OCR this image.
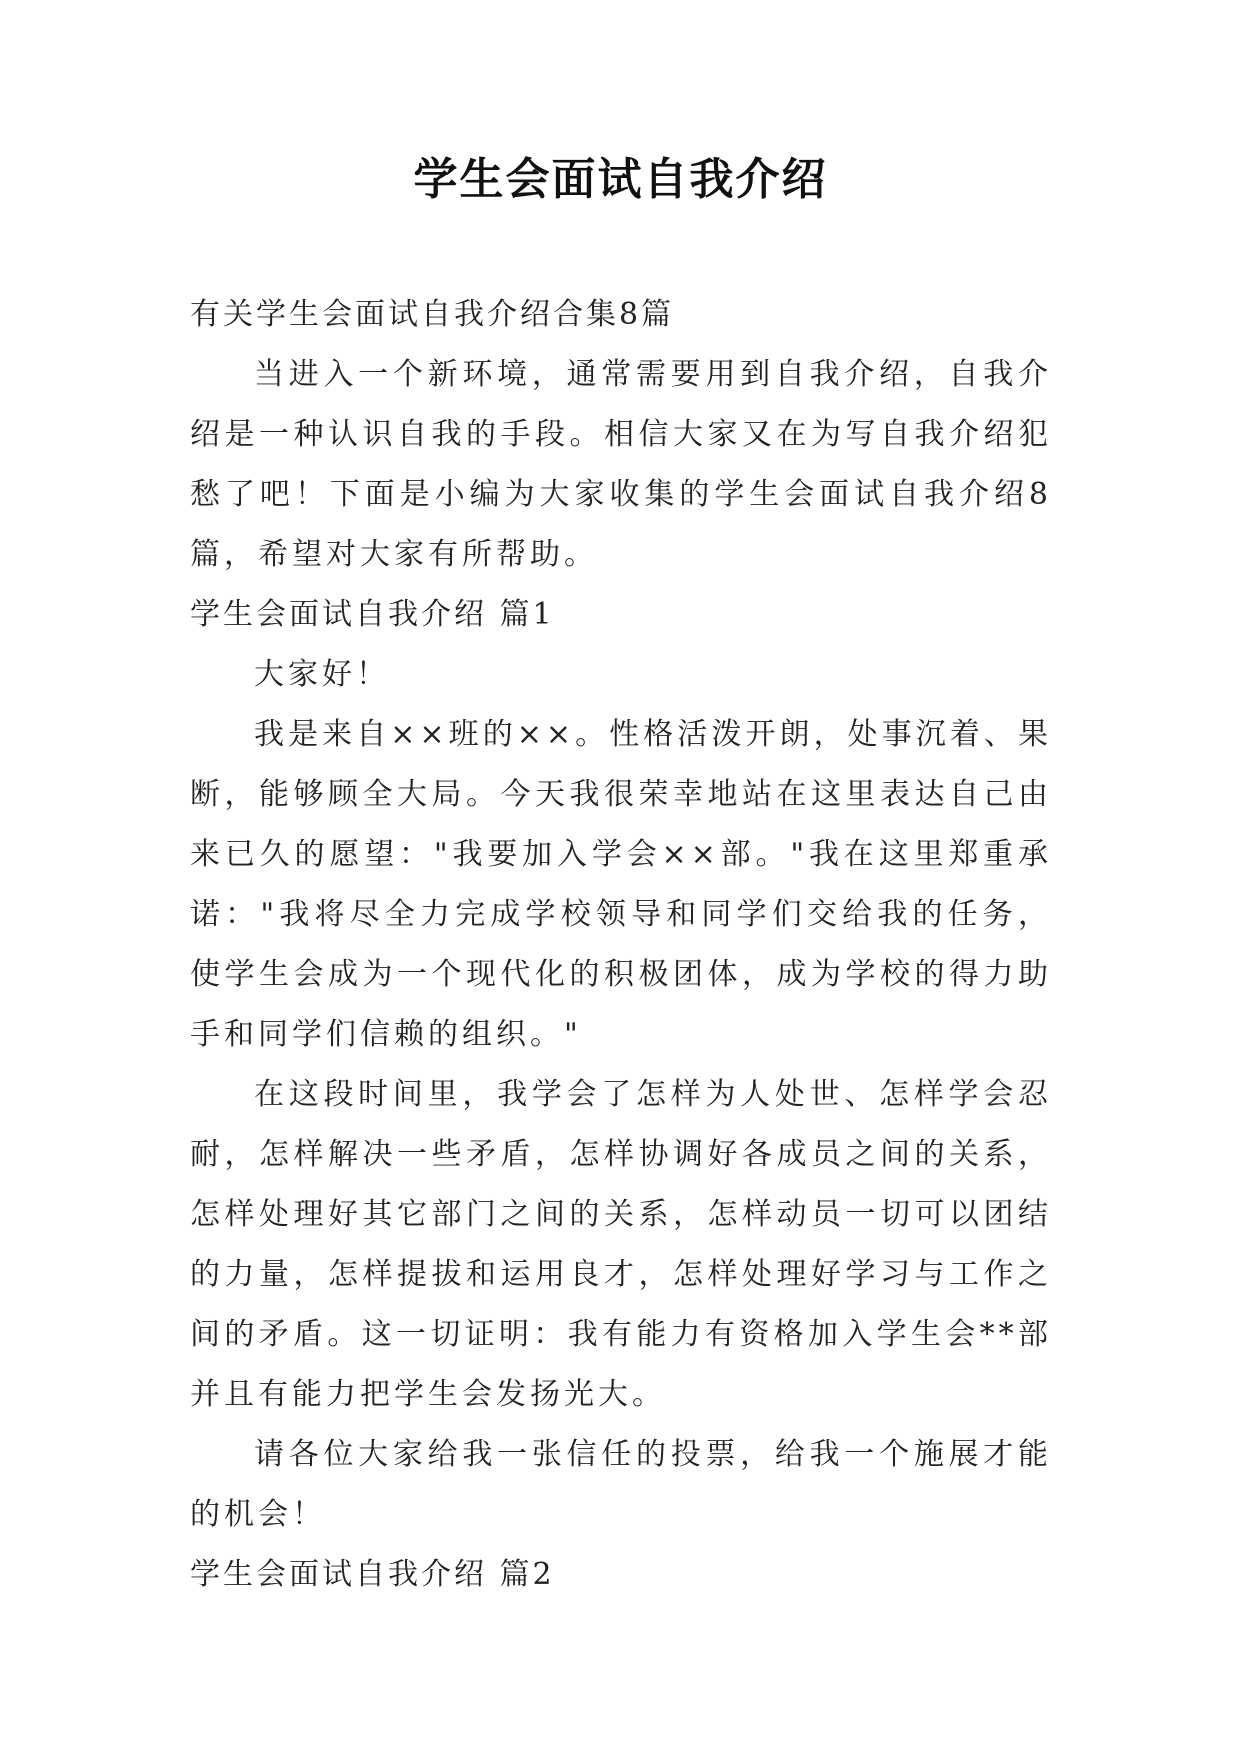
学生会面试自我介绍

有关学生会面试自我介绍合集8篇

当进入一个新环境，通常需要用到自我介绍，自我介绍是一种认识自我的手段。相信大家又在为写自我介绍犯愁了吧！下面是小编为大家收集的学生会面试自我介绍8篇，希望对大家有所帮助。

学生会面试自我介绍 篇1

大家好！

我是来自××班的××。性格活泼开朗，处事沉着、果断，能够顾全大局。今天我很荣幸地站在这里表达自己由来已久的愿望："我要加入学会××部。"我在这里郑重承诺："我将尽全力完成学校领导和同学们交给我的任务，使学生会成为一个现代化的积极团体，成为学校的得力助手和同学们信赖的组织。"

在这段时间里，我学会了怎样为人处世、怎样学会忍耐，怎样解决一些矛盾，怎样协调好各成员之间的关系，怎样处理好其它部门之间的关系，怎样动员一切可以团结的力量，怎样提拔和运用良才，怎样处理好学习与工作之间的矛盾。这一切证明：我有能力有资格加入学生会**部并且有能力把学生会发扬光大。

请各位大家给我一张信任的投票，给我一个施展才能的机会！

学生会面试自我介绍 篇2
